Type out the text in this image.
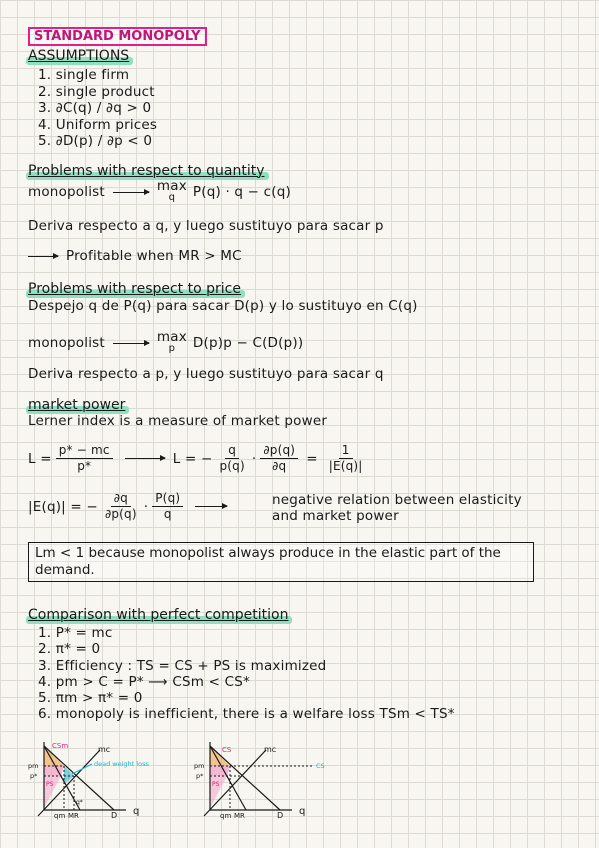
STANDARD MONOPOLY
ASSUMPTIONS
1. single firm
2. single product
3. ∂C(q) / ∂q > 0
4. Uniform prices
5. ∂D(p) / ∂p < 0
Problems with respect to quantity
monopolist	max
q P(q) · q − c(q)
Deriva respecto a q, y luego sustituyo para sacar p
Profitable when MR > MC
Problems with respect to price
Despejo q de P(q) para sacar D(p) y lo sustituyo en C(q)
monopolist	max
p D(p)p − C(D(p))
Deriva respecto a p, y luego sustituyo para sacar q
market power
Lerner index is a measure of market power
$L = \frac{p* - mc}{p*}$	L = − $\frac{q}{p(q)} \cdot \frac{\partial p(q)}{\partial q} = \frac{1}{|E(q)|}$
|E(q)| = − $\frac{\partial q}{\partial p(q)} \cdot \frac{P(q)}{q}$	negative relation between elasticity
and market power
Lm < 1 because monopolist always produce in the elastic part of the demand.
Comparison with perfect competition
1. P* = mc
2. π* = 0
3. Efficiency : TS = CS + PS is maximized
4. pm > C = P* ⟶ CSm < CS*
5. πm > π* = 0
6. monopoly is inefficient, there is a welfare loss TSm < TS*
CSm	mc
dead weight loss
pm
p*
PS
qm MR
q*
D q
CS	mc
CS
pm
p*
PS
qm MR	D q
